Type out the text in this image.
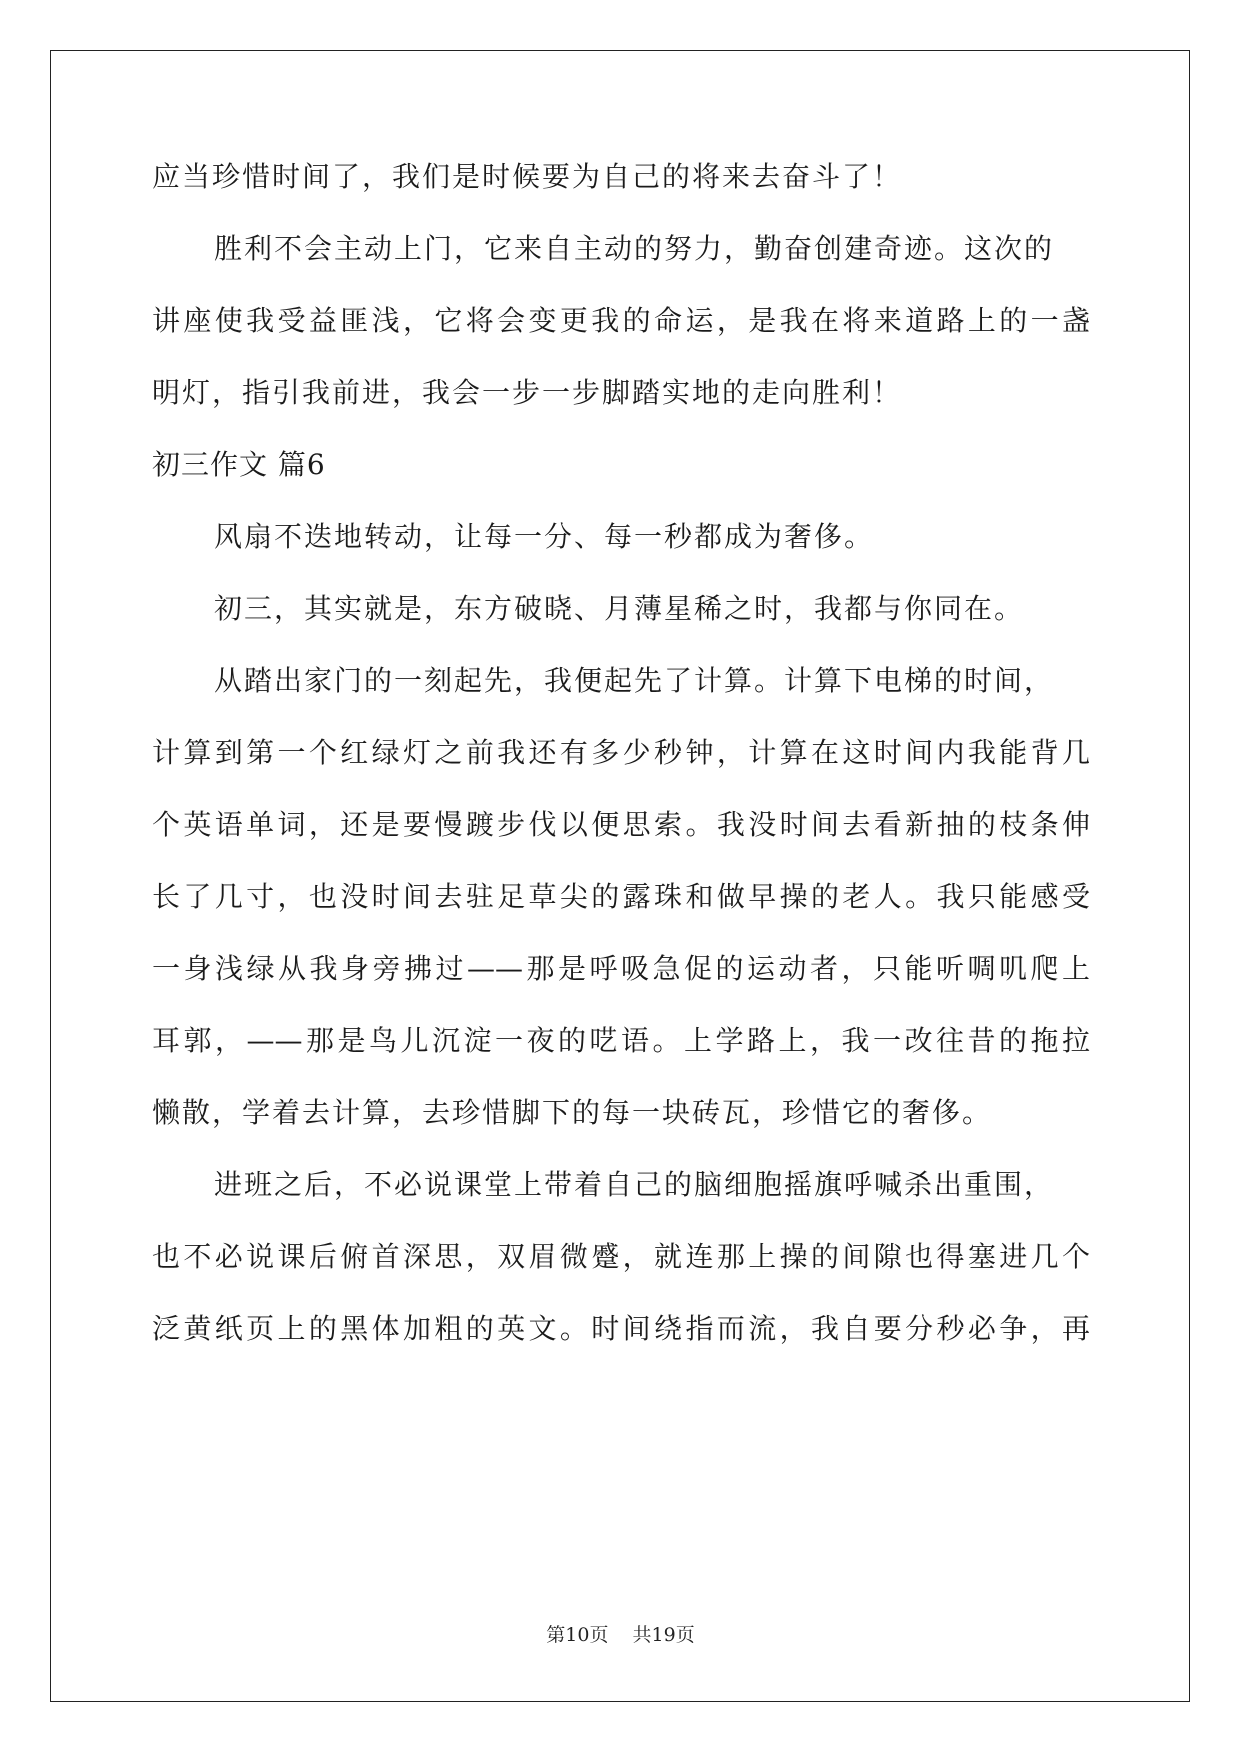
应当珍惜时间了，我们是时候要为自己的将来去奋斗了！
胜利不会主动上门，它来自主动的努力，勤奋创建奇迹。这次的
讲座使我受益匪浅，它将会变更我的命运，是我在将来道路上的一盏
明灯，指引我前进，我会一步一步脚踏实地的走向胜利！
初三作文 篇6
风扇不迭地转动，让每一分、每一秒都成为奢侈。
初三，其实就是，东方破晓、月薄星稀之时，我都与你同在。
从踏出家门的一刻起先，我便起先了计算。计算下电梯的时间，
计算到第一个红绿灯之前我还有多少秒钟，计算在这时间内我能背几
个英语单词，还是要慢踱步伐以便思索。我没时间去看新抽的枝条伸
长了几寸，也没时间去驻足草尖的露珠和做早操的老人。我只能感受
一身浅绿从我身旁拂过——那是呼吸急促的运动者，只能听啁叽爬上
耳郭，——那是鸟儿沉淀一夜的呓语。上学路上，我一改往昔的拖拉
懒散，学着去计算，去珍惜脚下的每一块砖瓦，珍惜它的奢侈。
进班之后，不必说课堂上带着自己的脑细胞摇旗呼喊杀出重围，
也不必说课后俯首深思，双眉微蹙，就连那上操的间隙也得塞进几个
泛黄纸页上的黑体加粗的英文。时间绕指而流，我自要分秒必争，再
第10页 共19页
